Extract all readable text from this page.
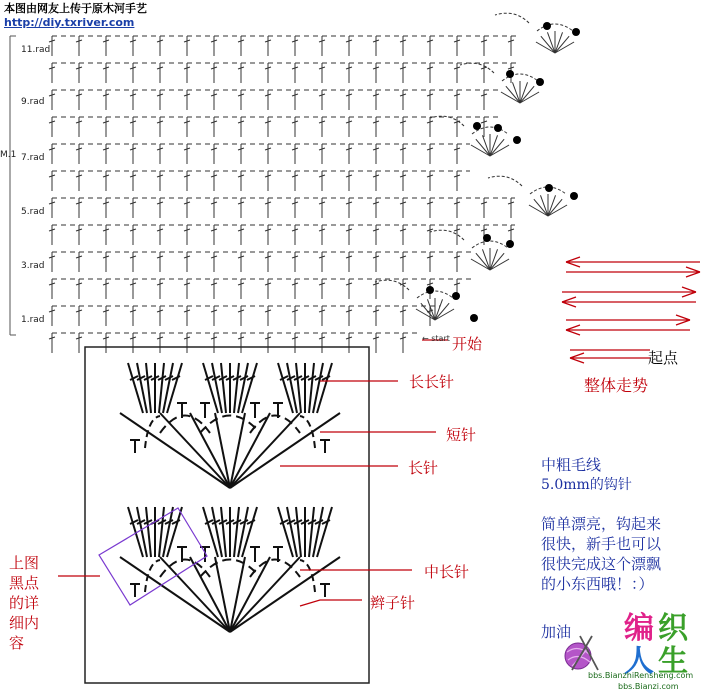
本图由网友上传于原木河手艺
http://diy.txriver.com
11.rad
9.rad
7.rad
5.rad
3.rad
1.rad
M.1
← start 开始
起点
整体走势
长长针
短针
长针
中长针
辫子针
上图
黑点
的详
细内
容
中粗毛线
5.0mm的钩针
简单漂亮，钩起来
很快，新手也可以
很快完成这个漂飘
的小东西哦！：）
加油 编 织
人 生
bbs.BianzhiRensheng.com
bbs.Bianzi.com
